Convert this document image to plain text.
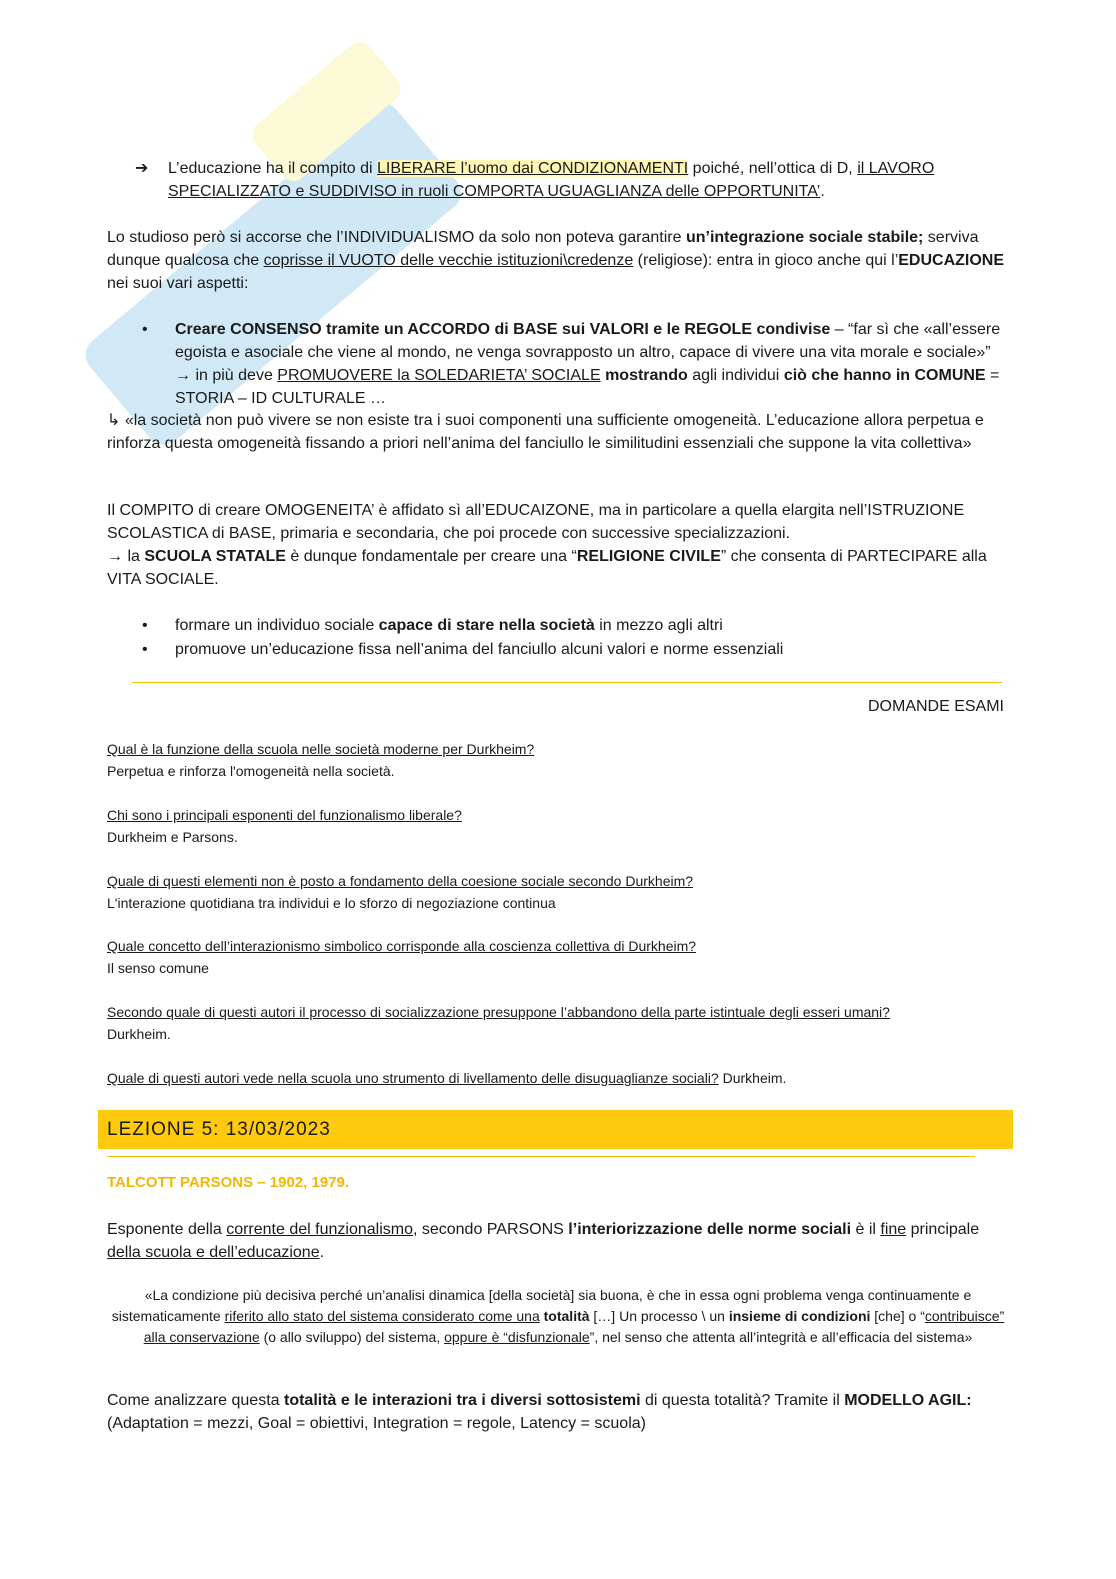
➔ L’educazione ha il compito di LIBERARE l’uomo dai CONDIZIONAMENTI poiché, nell’ottica di D, il LAVORO SPECIALIZZATO e SUDDIVISO in ruoli COMPORTA UGUAGLIANZA delle OPPORTUNITA’.

Lo studioso però si accorse che l’INDIVIDUALISMO da solo non poteva garantire un’integrazione sociale stabile; serviva dunque qualcosa che coprisse il VUOTO delle vecchie istituzioni\credenze (religiose): entra in gioco anche qui l’EDUCAZIONE nei suoi vari aspetti:

• Creare CONSENSO tramite un ACCORDO di BASE sui VALORI e le REGOLE condivise – “far sì che «all’essere egoista e asociale che viene al mondo, ne venga sovrapposto un altro, capace di vivere una vita morale e sociale»” → in più deve PROMUOVERE la SOLEDARIETA’ SOCIALE mostrando agli individui ciò che hanno in COMUNE = STORIA – ID CULTURALE …

↳ «la società non può vivere se non esiste tra i suoi componenti una sufficiente omogeneità. L’educazione allora perpetua e rinforza questa omogeneità fissando a priori nell’anima del fanciullo le similitudini essenziali che suppone la vita collettiva»

Il COMPITO di creare OMOGENEITA’ è affidato sì all’EDUCAIZONE, ma in particolare a quella elargita nell’ISTRUZIONE SCOLASTICA di BASE, primaria e secondaria, che poi procede con successive specializzazioni.
→ la SCUOLA STATALE è dunque fondamentale per creare una “RELIGIONE CIVILE” che consenta di PARTECIPARE alla VITA SOCIALE.

• formare un individuo sociale capace di stare nella società in mezzo agli altri

• promuove un’educazione fissa nell’anima del fanciullo alcuni valori e norme essenziali

DOMANDE ESAMI
Qual è la funzione della scuola nelle società moderne per Durkheim?
Perpetua e rinforza l'omogeneità nella società.
Chi sono i principali esponenti del funzionalismo liberale?
Durkheim e Parsons.
Quale di questi elementi non è posto a fondamento della coesione sociale secondo Durkheim?
L'interazione quotidiana tra individui e lo sforzo di negoziazione continua
Quale concetto dell’interazionismo simbolico corrisponde alla coscienza collettiva di Durkheim?
Il senso comune
Secondo quale di questi autori il processo di socializzazione presuppone l’abbandono della parte istintuale degli esseri umani?
Durkheim.
Quale di questi autori vede nella scuola uno strumento di livellamento delle disuguaglianze sociali? Durkheim.
LEZIONE 5: 13/03/2023
TALCOTT PARSONS – 1902, 1979.

Esponente della corrente del funzionalismo, secondo PARSONS l’interiorizzazione delle norme sociali è il fine principale della scuola e dell’educazione.

«La condizione più decisiva perché un’analisi dinamica [della società] sia buona, è che in essa ogni problema venga continuamente e sistematicamente riferito allo stato del sistema considerato come una totalità […] Un processo \ un insieme di condizioni [che] o “contribuisce” alla conservazione (o allo sviluppo) del sistema, oppure è “disfunzionale”, nel senso che attenta all’integrità e all’efficacia del sistema»

Come analizzare questa totalità e le interazioni tra i diversi sottosistemi di questa totalità? Tramite il MODELLO AGIL: (Adaptation = mezzi, Goal = obiettivi, Integration = regole, Latency = scuola)
